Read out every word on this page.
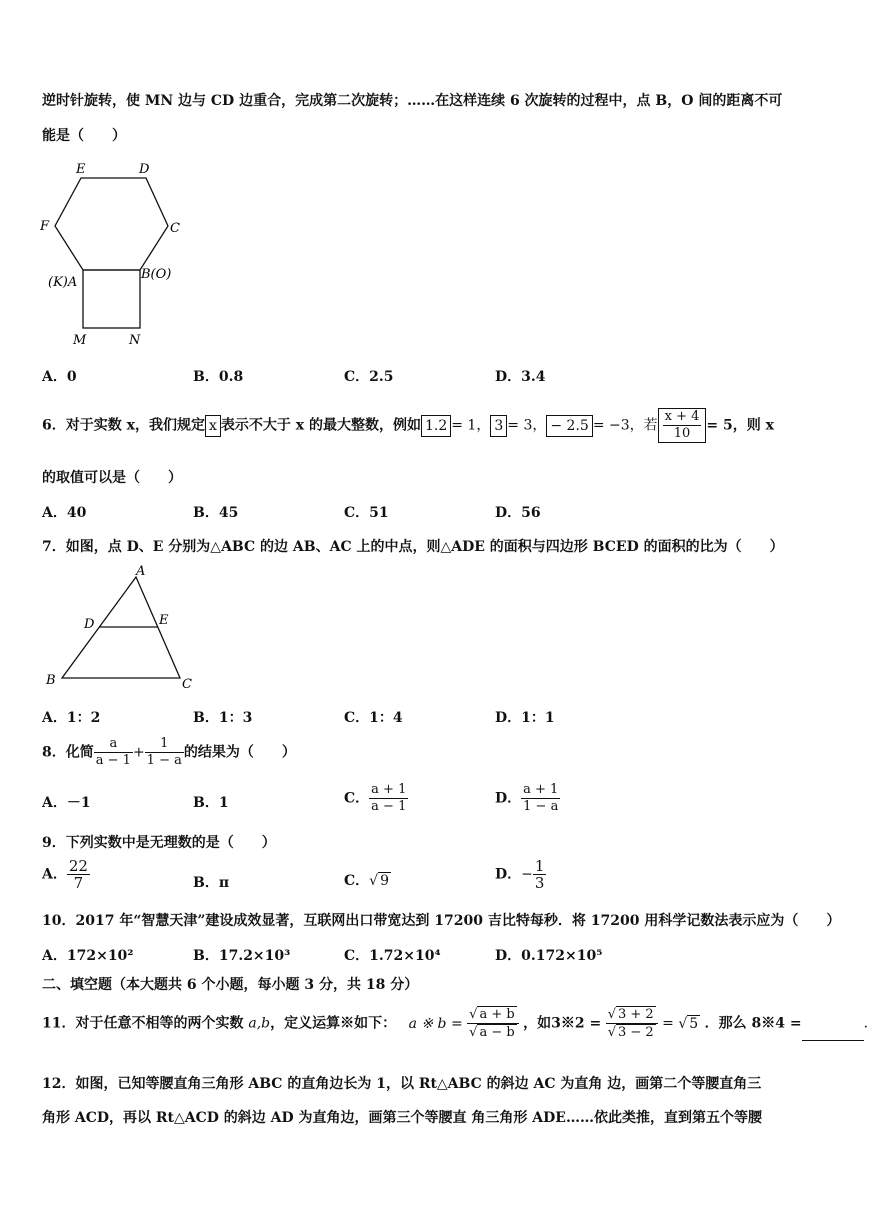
逆时针旋转，使 MN 边与 CD 边重合，完成第二次旋转；……在这样连续 6 次旋转的过程中，点 B，O 间的距离不可
能是（　　）
E	D
F	C
(K)A
B(O)
M	N
A．0	B．0.8	C．2.5	D．3.4
6．对于实数 x，我们规定 x 表示不大于 x 的最大整数，例如 1.2 = 1， 3 = 3， − 2.5 = −3，若 $\frac{x + 4}{10} = 5$，则 x
的取值可以是（　　）
A．40	B．45	C．51	D．56
7．如图，点 D、E 分别为△ABC 的边 AB、AC 上的中点，则△ADE 的面积与四边形 BCED 的面积的比为（　　）
A
D	E
B	C
A．1：2	B．1：3	C．1：4	D．1：1
8．化简 $\frac{a}{a - 1} + \frac{1}{1 - a}$ 的结果为（　　）
A．－1	B．1	C． $\frac{a + 1}{a - 1}$	D． $\frac{a + 1}{1 - a}$
9．下列实数中是无理数的是（　　）
A． $\frac{22}{7}$	B．π	C．√ 9	D．− $\frac{1}{3}$
10．2017 年“智慧天津”建设成效显著，互联网出口带宽达到 17200 吉比特每秒．将 17200 用科学记数法表示应为（　　）
A．172×10²	B．17.2×10³	C．1.72×10⁴	D．0.172×10⁵
二、填空题（本大题共 6 个小题，每小题 3 分，共 18 分）
11．对于任意不相等的两个实数 a,b，定义运算※如下： a ※ $b = \frac{√ a + b}{√ a - b}$ ，如3※2 = $\frac{√ 3 + 2}{√ 3 - 2}$ = √ 5 ．那么 8※4 =	．
12．如图，已知等腰直角三角形 ABC 的直角边长为 1，以 Rt△ABC 的斜边 AC 为直角 边，画第二个等腰直角三
角形 ACD，再以 Rt△ACD 的斜边 AD 为直角边，画第三个等腰直 角三角形 ADE……依此类推，直到第五个等腰
